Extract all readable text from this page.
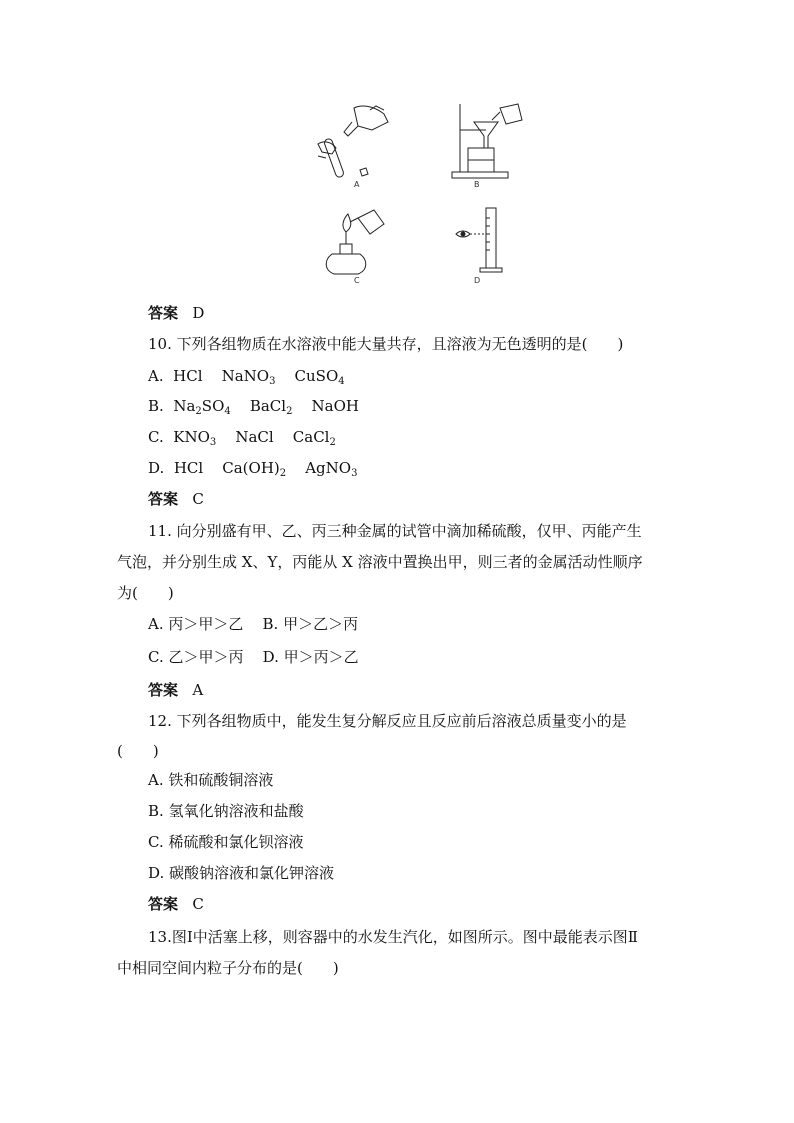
A	B
C	D
答案 D
10. 下列各组物质在水溶液中能大量共存，且溶液为无色透明的是( )
A. HCl NaNO$_3$ CuSO$_4$
B. $Na_2SO_4$ BaCl$_2$ NaOH
C. $KNO_3$ NaCl CaCl$_2$
D. HCl $Ca(OH)_2$ AgNO$_3$
答案 C
11. 向分别盛有甲、乙、丙三种金属的试管中滴加稀硫酸，仅甲、丙能产生
气泡，并分别生成 X、Y，丙能从 X 溶液中置换出甲，则三者的金属活动性顺序
为( )
A. 丙＞甲＞乙 B. 甲＞乙＞丙
C. 乙＞甲＞丙 D. 甲＞丙＞乙
答案 A
12. 下列各组物质中，能发生复分解反应且反应前后溶液总质量变小的是
( )
A. 铁和硫酸铜溶液
B. 氢氧化钠溶液和盐酸
C. 稀硫酸和氯化钡溶液
D. 碳酸钠溶液和氯化钾溶液
答案 C
13.图Ⅰ中活塞上移，则容器中的水发生汽化，如图所示。图中最能表示图Ⅱ
中相同空间内粒子分布的是( )
